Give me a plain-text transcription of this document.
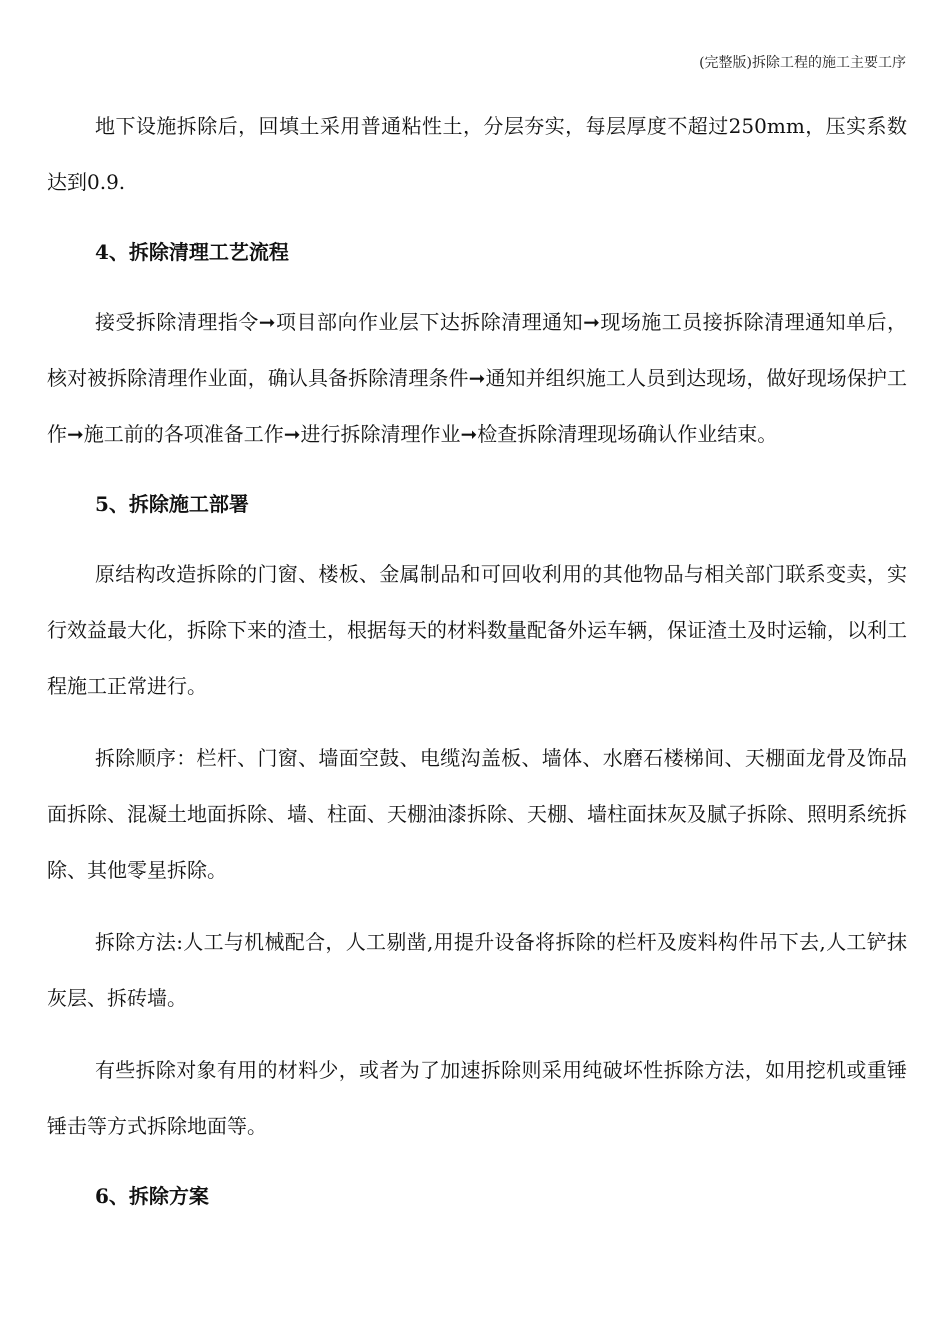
(完整版)拆除工程的施工主要工序

地下设施拆除后，回填土采用普通粘性土，分层夯实，每层厚度不超过250mm，压实系数达到0.9.

4、拆除清理工艺流程

接受拆除清理指令➞项目部向作业层下达拆除清理通知➞现场施工员接拆除清理通知单后，核对被拆除清理作业面，确认具备拆除清理条件➞通知并组织施工人员到达现场，做好现场保护工作➞施工前的各项准备工作➞进行拆除清理作业➞检查拆除清理现场确认作业结束。

5、拆除施工部署

原结构改造拆除的门窗、楼板、金属制品和可回收利用的其他物品与相关部门联系变卖，实行效益最大化，拆除下来的渣土，根据每天的材料数量配备外运车辆，保证渣土及时运输，以利工程施工正常进行。

拆除顺序：栏杆、门窗、墙面空鼓、电缆沟盖板、墙体、水磨石楼梯间、天棚面龙骨及饰品面拆除、混凝土地面拆除、墙、柱面、天棚油漆拆除、天棚、墙柱面抹灰及腻子拆除、照明系统拆除、其他零星拆除。

拆除方法:人工与机械配合，人工剔凿,用提升设备将拆除的栏杆及废料构件吊下去,人工铲抹灰层、拆砖墙。

有些拆除对象有用的材料少，或者为了加速拆除则采用纯破坏性拆除方法，如用挖机或重锤锤击等方式拆除地面等。

6、拆除方案
